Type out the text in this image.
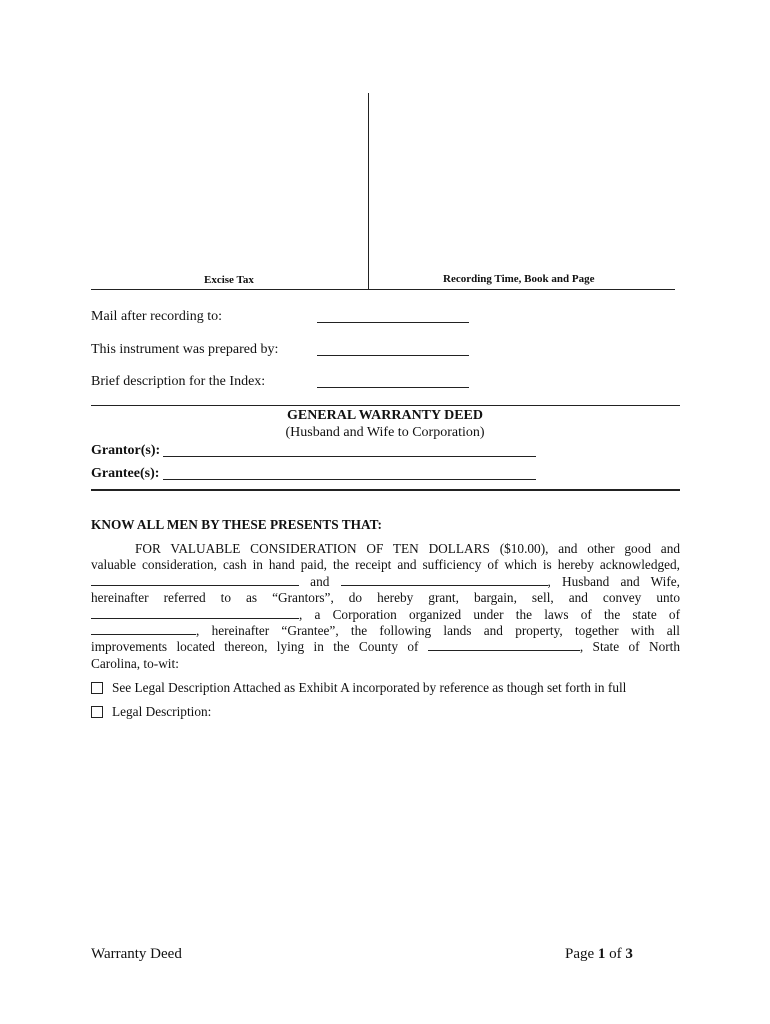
Excise Tax	Recording Time, Book and Page
Mail after recording to:
This instrument was prepared by:
Brief description for the Index:
GENERAL WARRANTY DEED
(Husband and Wife to Corporation)
Grantor(s):
Grantee(s):
KNOW ALL MEN BY THESE PRESENTS THAT:
FOR VALUABLE CONSIDERATION OF TEN DOLLARS ($10.00), and other good and
valuable consideration, cash in hand paid, the receipt and sufficiency of which is hereby acknowledged,
and	, Husband and Wife,
hereinafter referred to as “Grantors”, do hereby grant, bargain, sell, and convey unto
, a Corporation organized under the laws of the state of
, hereinafter “Grantee”, the following lands and property, together with all
improvements located thereon, lying in the County of	, State of North
Carolina, to-wit:
See Legal Description Attached as Exhibit A incorporated by reference as though set forth in full
Legal Description:
Warranty Deed	Page 1 of 3
